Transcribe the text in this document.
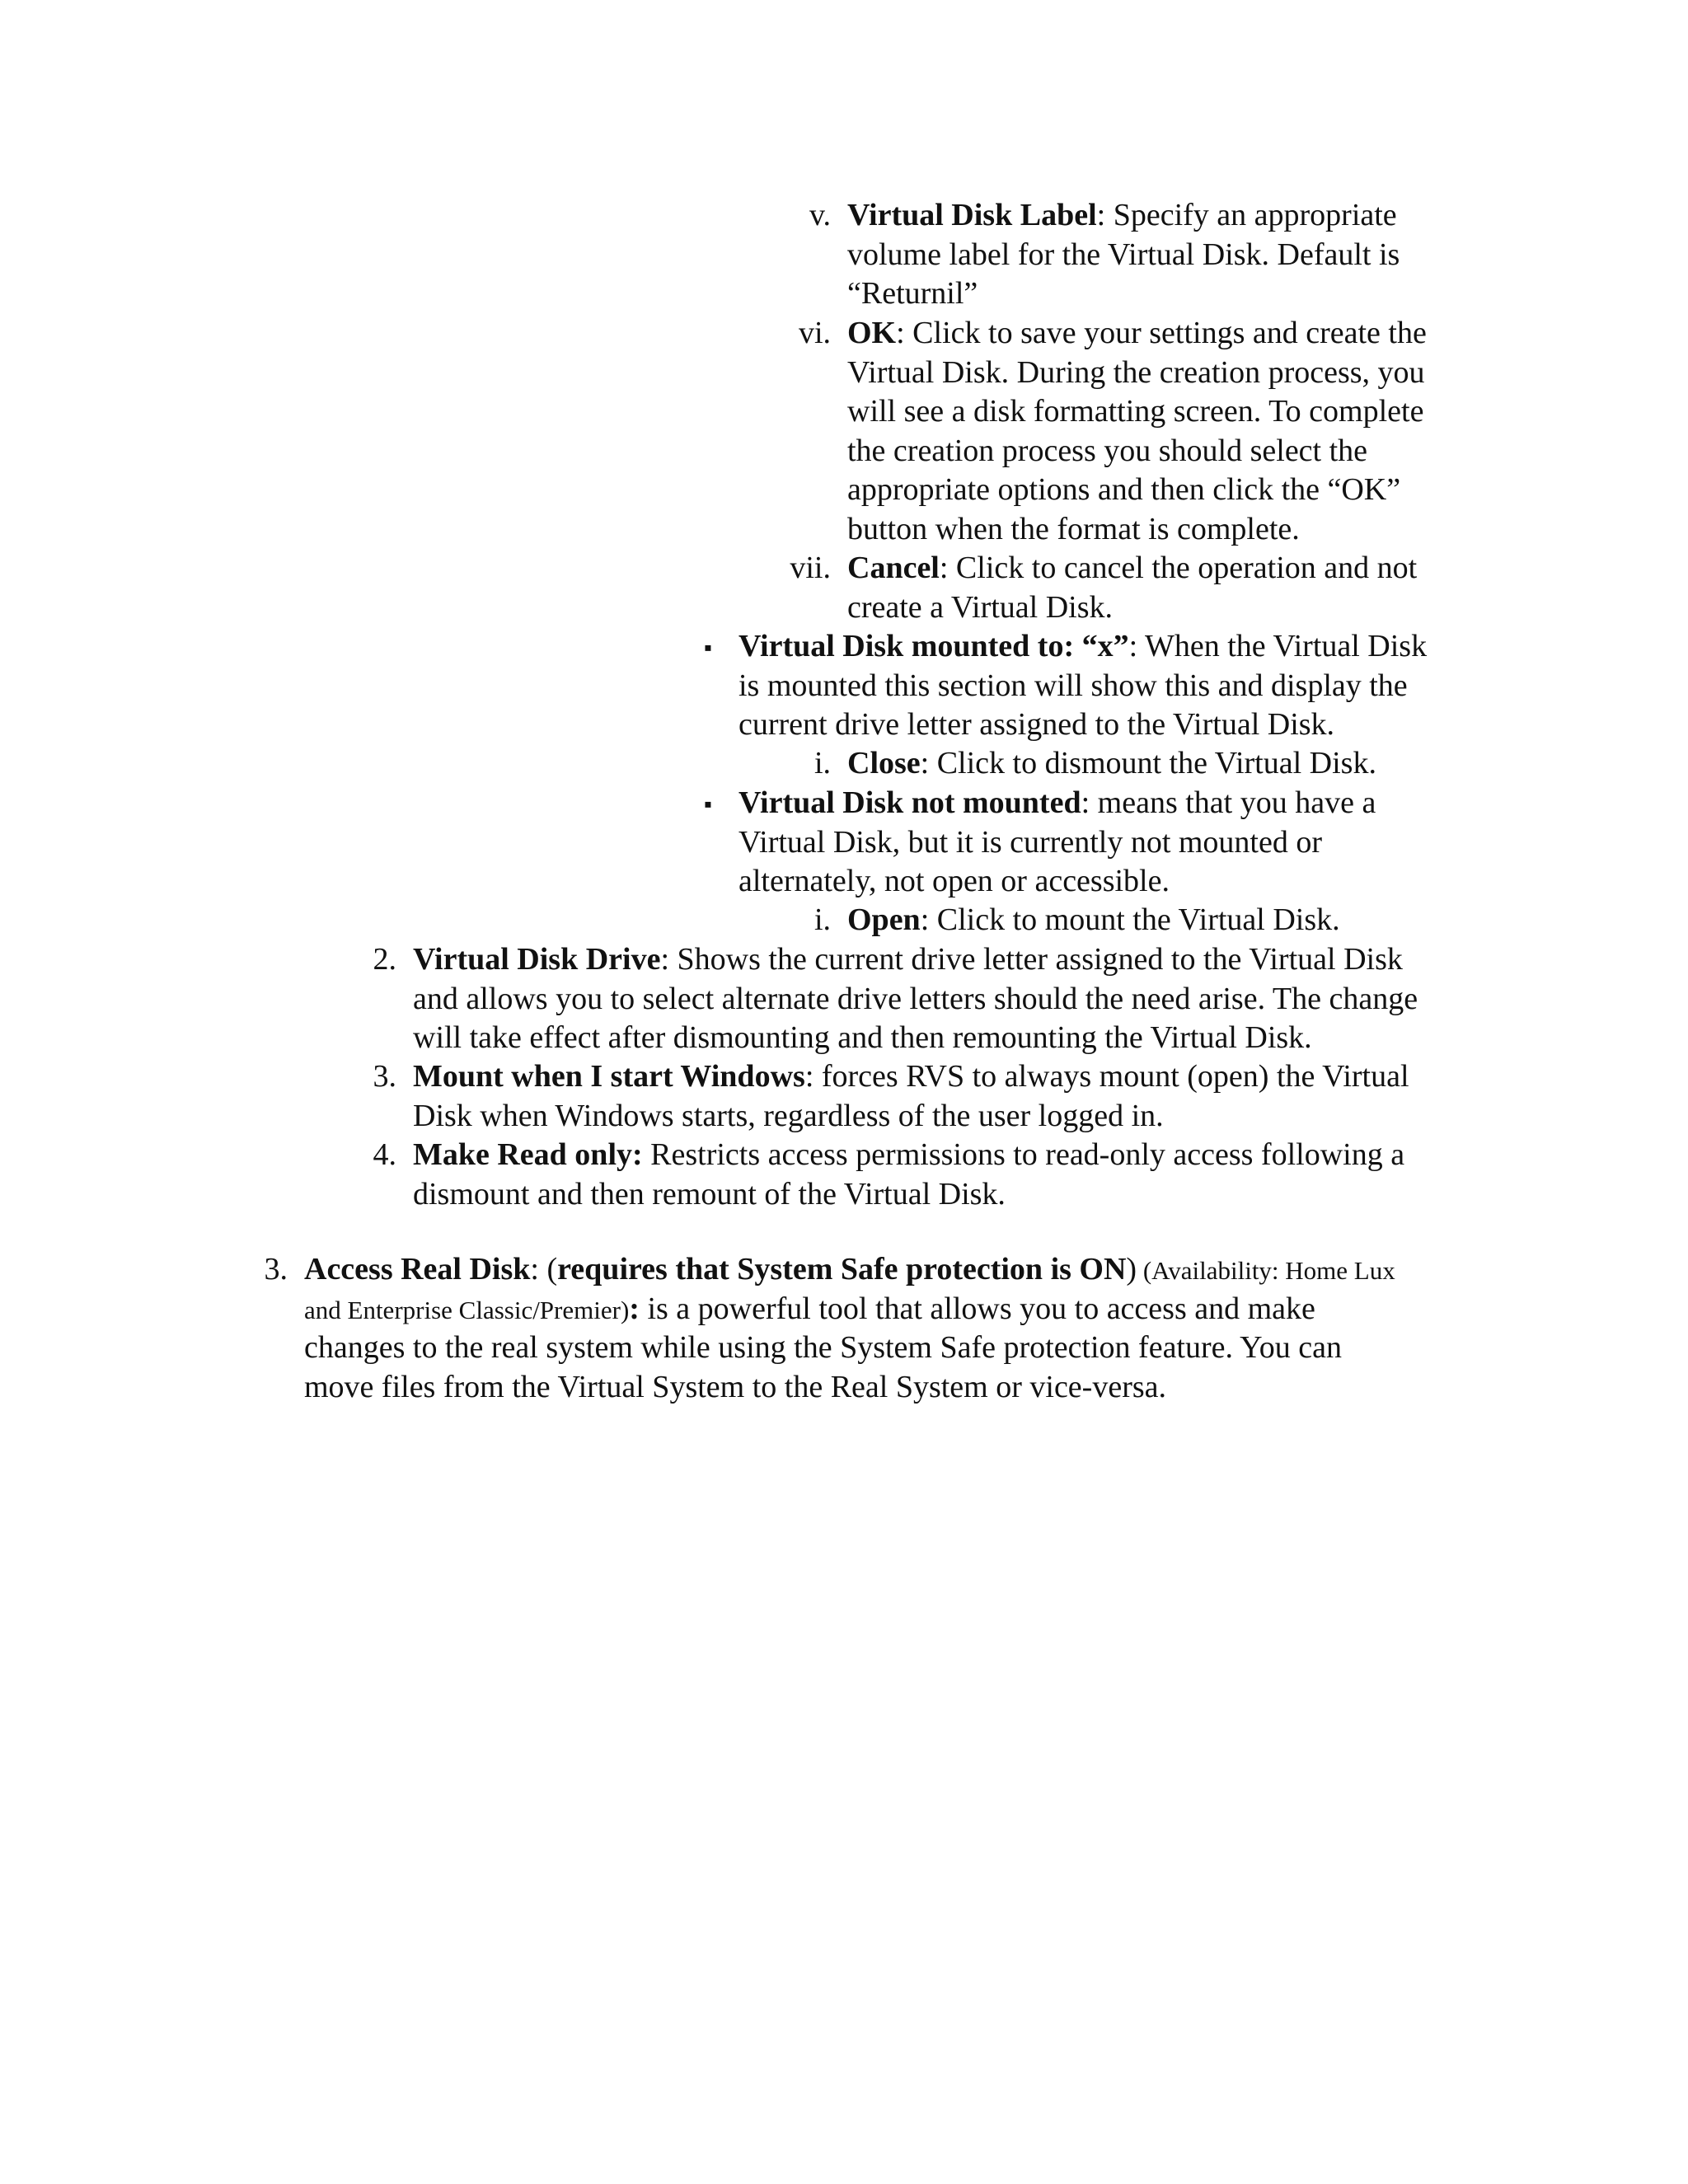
v. Virtual Disk Label: Specify an appropriate
volume label for the Virtual Disk. Default is
“Returnil”
vi. OK: Click to save your settings and create the
Virtual Disk. During the creation process, you
will see a disk formatting screen. To complete
the creation process you should select the
appropriate options and then click the “OK”
button when the format is complete.
vii. Cancel: Click to cancel the operation and not
create a Virtual Disk.
▪ Virtual Disk mounted to: “x”: When the Virtual Disk
is mounted this section will show this and display the
current drive letter assigned to the Virtual Disk.
i. Close: Click to dismount the Virtual Disk.
▪ Virtual Disk not mounted: means that you have a
Virtual Disk, but it is currently not mounted or
alternately, not open or accessible.
i. Open: Click to mount the Virtual Disk.
2. Virtual Disk Drive: Shows the current drive letter assigned to the Virtual Disk
and allows you to select alternate drive letters should the need arise. The change
will take effect after dismounting and then remounting the Virtual Disk.
3. Mount when I start Windows: forces RVS to always mount (open) the Virtual
Disk when Windows starts, regardless of the user logged in.
4. Make Read only: Restricts access permissions to read-only access following a
dismount and then remount of the Virtual Disk.
3. Access Real Disk: (requires that System Safe protection is ON) (Availability: Home Lux
and Enterprise Classic/Premier): is a powerful tool that allows you to access and make
changes to the real system while using the System Safe protection feature. You can
move files from the Virtual System to the Real System or vice-versa.
